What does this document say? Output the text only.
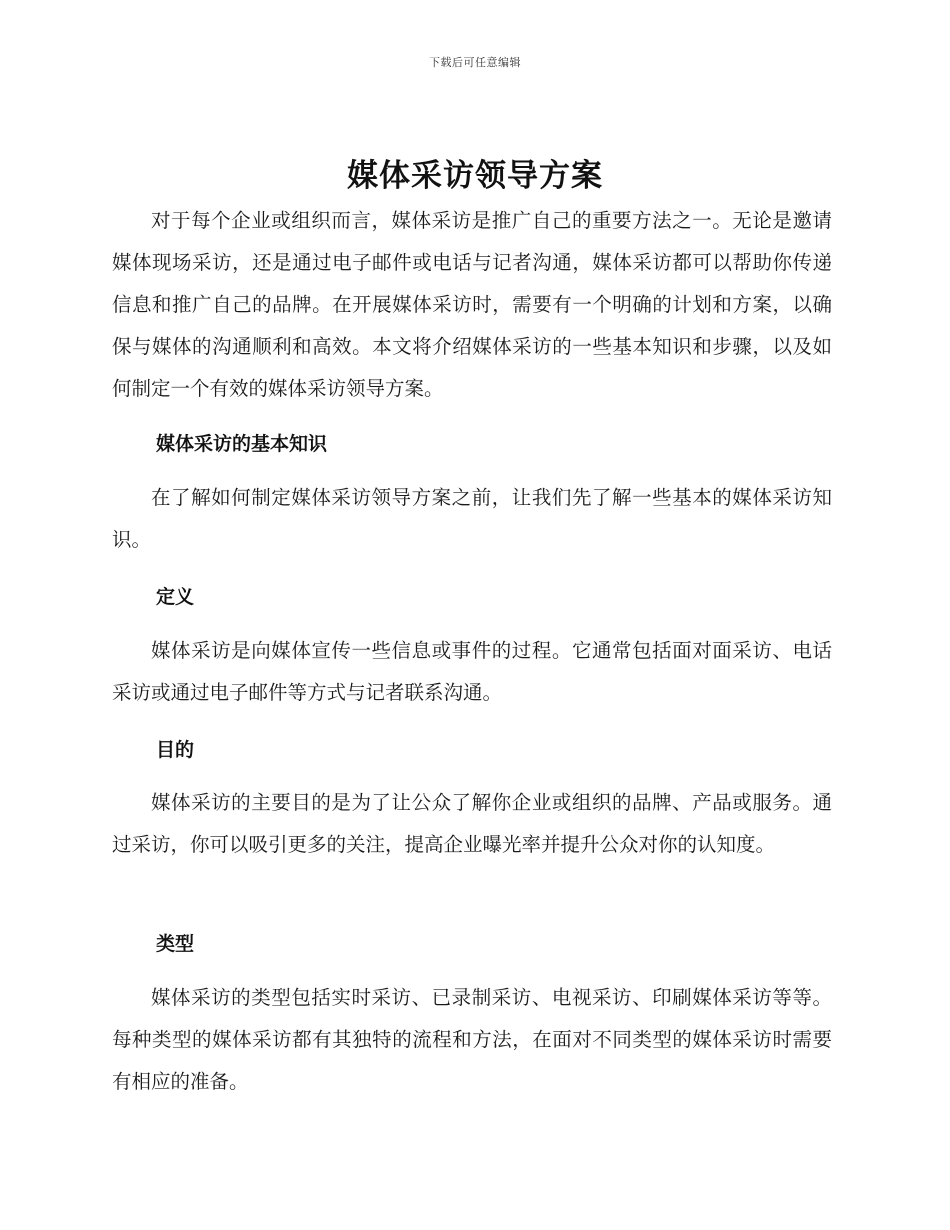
下载后可任意编辑
媒体采访领导方案

对于每个企业或组织而言，媒体采访是推广自己的重要方法之一。无论是邀请媒体现场采访，还是通过电子邮件或电话与记者沟通，媒体采访都可以帮助你传递信息和推广自己的品牌。在开展媒体采访时，需要有一个明确的计划和方案，以确保与媒体的沟通顺利和高效。本文将介绍媒体采访的一些基本知识和步骤，以及如何制定一个有效的媒体采访领导方案。

媒体采访的基本知识

在了解如何制定媒体采访领导方案之前，让我们先了解一些基本的媒体采访知识。

定义

媒体采访是向媒体宣传一些信息或事件的过程。它通常包括面对面采访、电话采访或通过电子邮件等方式与记者联系沟通。

目的

媒体采访的主要目的是为了让公众了解你企业或组织的品牌、产品或服务。通过采访，你可以吸引更多的关注，提高企业曝光率并提升公众对你的认知度。

类型

媒体采访的类型包括实时采访、已录制采访、电视采访、印刷媒体采访等等。每种类型的媒体采访都有其独特的流程和方法，在面对不同类型的媒体采访时需要有相应的准备。
